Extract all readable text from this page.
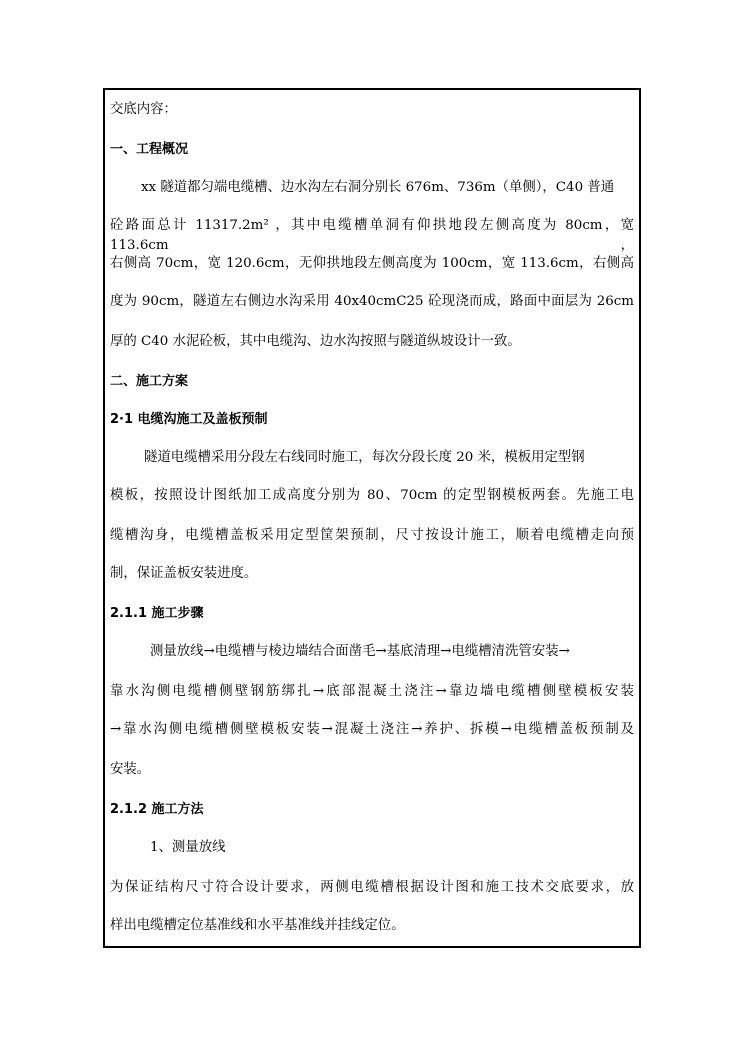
交底内容：
一、工程概况
xx 隧道都匀端电缆槽、边水沟左右洞分别长 676m、736m（单侧），C40 普通
砼路面总计 11317.2m² ，其中电缆槽单洞有仰拱地段左侧高度为 80cm，宽 113.6cm，
右侧高 70cm，宽 120.6cm，无仰拱地段左侧高度为 100cm，宽 113.6cm，右侧高
度为 90cm，隧道左右侧边水沟采用 40x40cmC25 砼现浇而成，路面中面层为 26cm
厚的 C40 水泥砼板，其中电缆沟、边水沟按照与隧道纵坡设计一致。
二、施工方案
2·1 电缆沟施工及盖板预制
隧道电缆槽采用分段左右线同时施工，每次分段长度 20 米，模板用定型钢
模板，按照设计图纸加工成高度分别为 80、70cm 的定型钢模板两套。先施工电
缆槽沟身，电缆槽盖板采用定型筐架预制，尺寸按设计施工，顺着电缆槽走向预
制，保证盖板安装进度。
2.1.1 施工步骤
测量放线→电缆槽与棱边墙结合面凿毛→基底清理→电缆槽清洗管安装→
靠水沟侧电缆槽侧壁钢筋绑扎→底部混凝土浇注→靠边墙电缆槽侧壁模板安装
→靠水沟侧电缆槽侧壁模板安装→混凝土浇注→养护、拆模→电缆槽盖板预制及
安装。
2.1.2 施工方法
1、测量放线
为保证结构尺寸符合设计要求，两侧电缆槽根据设计图和施工技术交底要求，放
样出电缆槽定位基准线和水平基准线并挂线定位。
